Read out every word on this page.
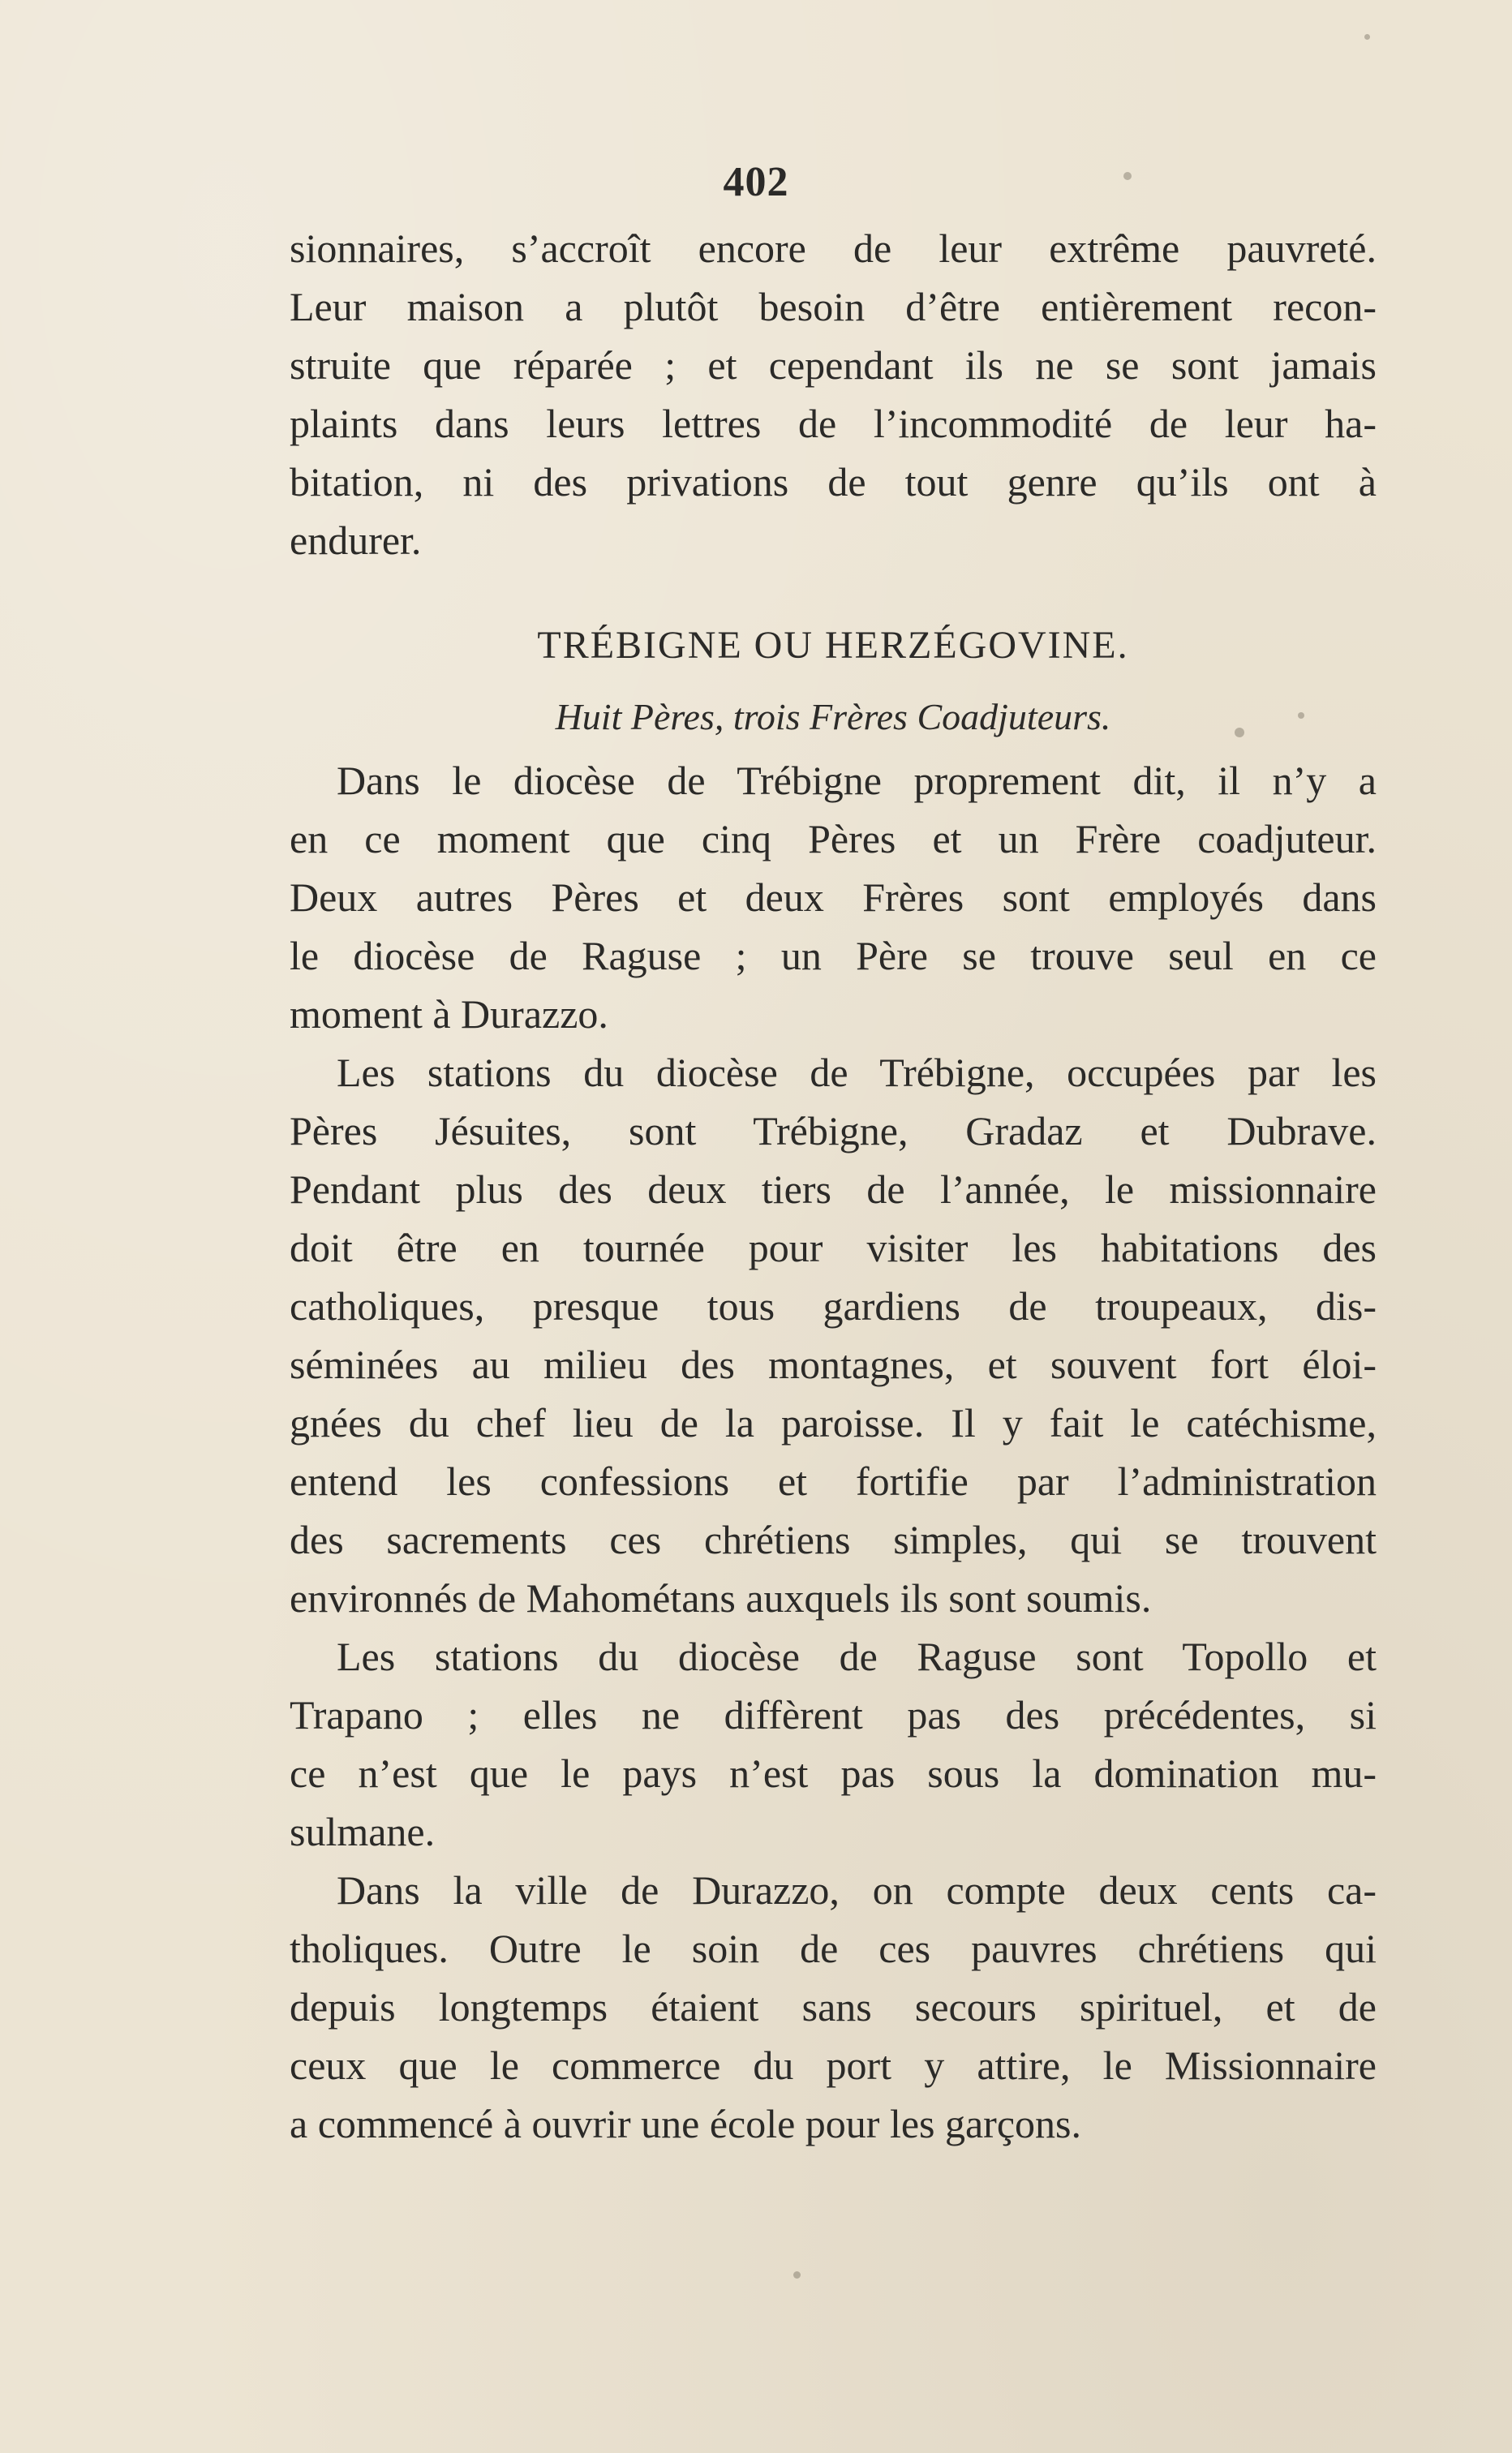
402
sionnaires, s’accroît encore de leur extrême pauvreté.
Leur maison a plutôt besoin d’être entièrement recon-
struite que réparée ; et cependant ils ne se sont jamais
plaints dans leurs lettres de l’incommodité de leur ha-
bitation, ni des privations de tout genre qu’ils ont à
endurer.
TRÉBIGNE OU HERZÉGOVINE.
Huit Pères, trois Frères Coadjuteurs.
Dans le diocèse de Trébigne proprement dit, il n’y a
en ce moment que cinq Pères et un Frère coadjuteur.
Deux autres Pères et deux Frères sont employés dans
le diocèse de Raguse ; un Père se trouve seul en ce
moment à Durazzo.
Les stations du diocèse de Trébigne, occupées par les
Pères Jésuites, sont Trébigne, Gradaz et Dubrave.
Pendant plus des deux tiers de l’année, le missionnaire
doit être en tournée pour visiter les habitations des
catholiques, presque tous gardiens de troupeaux, dis-
séminées au milieu des montagnes, et souvent fort éloi-
gnées du chef lieu de la paroisse. Il y fait le catéchisme,
entend les confessions et fortifie par l’administration
des sacrements ces chrétiens simples, qui se trouvent
environnés de Mahométans auxquels ils sont soumis.
Les stations du diocèse de Raguse sont Topollo et
Trapano ; elles ne diffèrent pas des précédentes, si
ce n’est que le pays n’est pas sous la domination mu-
sulmane.
Dans la ville de Durazzo, on compte deux cents ca-
tholiques. Outre le soin de ces pauvres chrétiens qui
depuis longtemps étaient sans secours spirituel, et de
ceux que le commerce du port y attire, le Missionnaire
a commencé à ouvrir une école pour les garçons.
